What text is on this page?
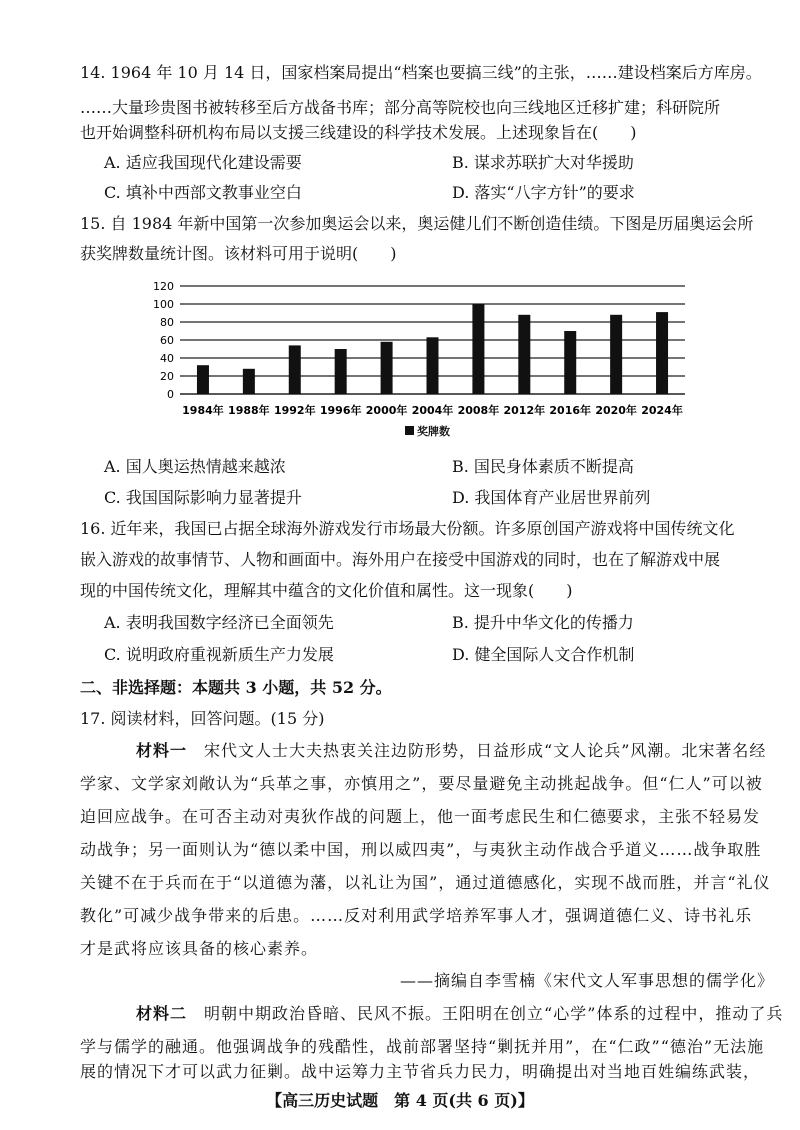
14. 1964 年 10 月 14 日，国家档案局提出“档案也要搞三线”的主张，……建设档案后方库房。
……大量珍贵图书被转移至后方战备书库；部分高等院校也向三线地区迁移扩建；科研院所
也开始调整科研机构布局以支援三线建设的科学技术发展。上述现象旨在(　　)
A. 适应我国现代化建设需要	B. 谋求苏联扩大对华援助
C. 填补中西部文教事业空白	D. 落实“八字方针”的要求
15. 自 1984 年新中国第一次参加奥运会以来，奥运健儿们不断创造佳绩。下图是历届奥运会所
获奖牌数量统计图。该材料可用于说明(　　)
0
20
40
60
80
100
120
1984年 1988年 1992年 1996年 2000年 2004年 2008年 2012年 2016年 2020年 2024年
奖牌数
A. 国人奥运热情越来越浓	B. 国民身体素质不断提高
C. 我国国际影响力显著提升	D. 我国体育产业居世界前列
16. 近年来，我国已占据全球海外游戏发行市场最大份额。许多原创国产游戏将中国传统文化
嵌入游戏的故事情节、人物和画面中。海外用户在接受中国游戏的同时，也在了解游戏中展
现的中国传统文化，理解其中蕴含的文化价值和属性。这一现象(　　)
A. 表明我国数字经济已全面领先	B. 提升中华文化的传播力
C. 说明政府重视新质生产力发展	D. 健全国际人文合作机制
二、非选择题：本题共 3 小题，共 52 分。
17. 阅读材料，回答问题。(15 分)
材料一　 宋代文人士大夫热衷关注边防形势，日益形成“文人论兵”风潮。北宋著名经
学家、文学家刘敞认为“兵革之事，亦慎用之”，要尽量避免主动挑起战争。但“仁人”可以被
迫回应战争。在可否主动对夷狄作战的问题上，他一面考虑民生和仁德要求，主张不轻易发
动战争；另一面则认为“德以柔中国，刑以威四夷”，与夷狄主动作战合乎道义……战争取胜
关键不在于兵而在于“以道德为藩，以礼让为国”，通过道德感化，实现不战而胜，并言“礼仪
教化”可减少战争带来的后患。……反对利用武学培养军事人才，强调道德仁义、诗书礼乐
才是武将应该具备的核心素养。
——摘编自李雪楠《宋代文人军事思想的儒学化》
材料二　 明朝中期政治昏暗、民风不振。王阳明在创立“心学”体系的过程中，推动了兵
学与儒学的融通。他强调战争的残酷性，战前部署坚持“剿抚并用”，在“仁政”“德治”无法施
展的情况下才可以武力征剿。战中运筹力主节省兵力民力，明确提出对当地百姓编练武装，
【高三历史试题　第 4 页(共 6 页)】
